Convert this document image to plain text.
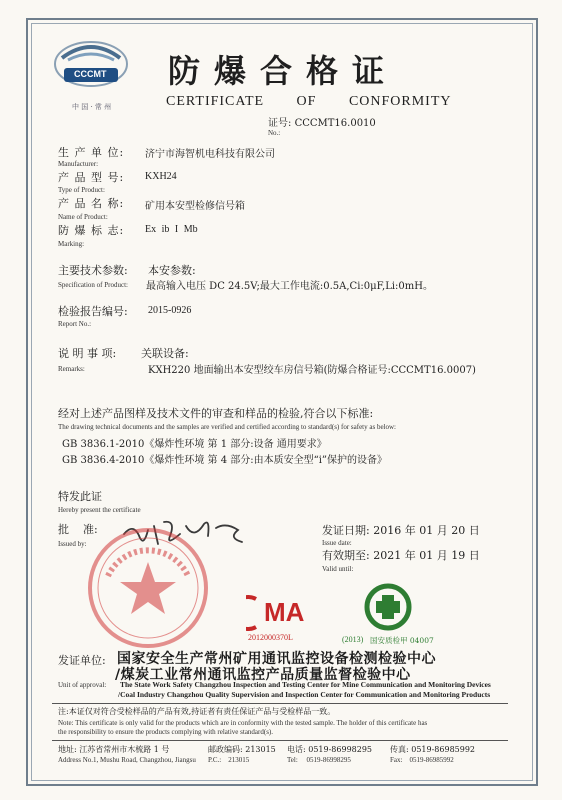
CCCMT
中 国 · 常 州
防爆合格证
CERTIFICATE OF CONFORMITY
证号: CCCMT16.0010
No.:
生 产 单 位: 济宁市海智机电科技有限公司
Manufacturer:
产 品 型 号: KXH24
Type of Product:
产 品 名 称: 矿用本安型检修信号箱
Name of Product:
防 爆 标 志: Ex ib I Mb
Marking:
主要技术参数: 本安参数:
Specification of Product: 最高输入电压 DC 24.5V;最大工作电流:0.5A,Ci:0μF,Li:0mH。
检验报告编号: 2015-0926
Report No.:
说 明 事 项: 关联设备:
Remarks:	KXH220 地面输出本安型绞车房信号箱(防爆合格证号:CCCMT16.0007)
经对上述产品图样及技术文件的审查和样品的检验,符合以下标准:
The drawing technical documents and the samples are verified and certified according to standard(s) for safety as below:
GB 3836.1-2010《爆炸性环境 第 1 部分:设备 通用要求》
GB 3836.4-2010《爆炸性环境 第 4 部分:由本质安全型“i”保护的设备》
特发此证
Hereby present the certificate
批    准:
Issued by:
发证日期: 2016 年 01 月 20 日
Issue date:
有效期至: 2021 年 01 月 19 日
Valid until:
MA
2012000370L	(2013) 国安质检甲 04007
发证单位: 国家安全生产常州矿用通讯监控设备检测检验中心
/煤炭工业常州通讯监控产品质量监督检验中心
Unit of approval: The State Work Safety Changzhou Inspection and Testing Center for Mine Communication and Monitoring Devices
/Coal Industry Changzhou Quality Supervision and Inspection Center for Communication and Monitoring Products
注:本证仅对符合受检样品的产品有效,持证者有责任保证产品与受检样品一致。
Note: This certificate is only valid for the products which are in conformity with the tested sample. The holder of this certificate has
the responsibility to ensure the products complying with relative standard(s).
地址: 江苏省常州市木梳路 1 号
Address No.1, Mushu Road, Changzhou, Jiangsu
邮政编码: 213015
P.C.:    213015
电话: 0519-86998295
Tel:     0519-86998295
传真: 0519-86985992
Fax:    0519-86985992
